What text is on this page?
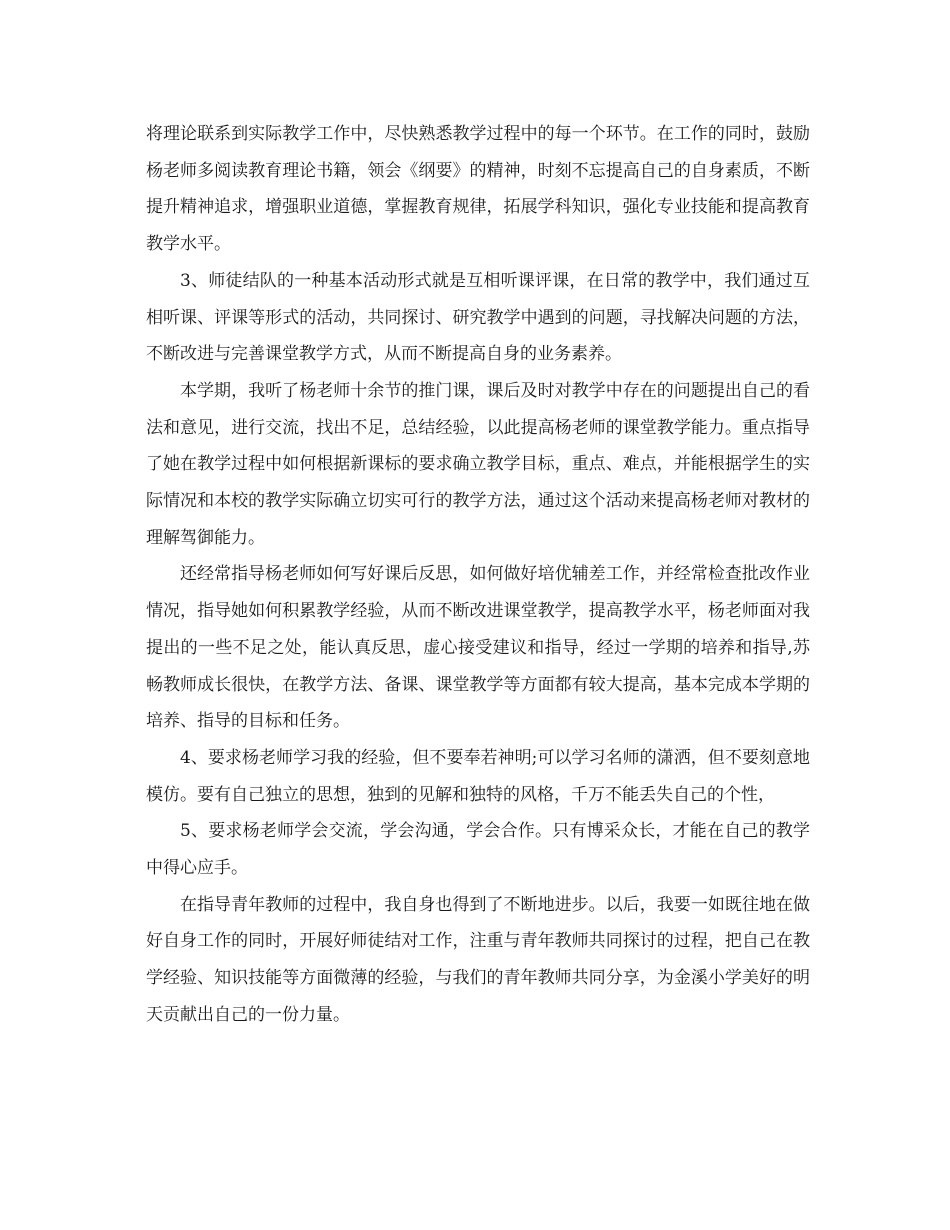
将理论联系到实际教学工作中，尽快熟悉教学过程中的每一个环节。在工作的同时，鼓励杨老师多阅读教育理论书籍，领会《纲要》的精神，时刻不忘提高自己的自身素质，不断提升精神追求，增强职业道德，掌握教育规律，拓展学科知识，强化专业技能和提高教育教学水平。

3、师徒结队的一种基本活动形式就是互相听课评课，在日常的教学中，我们通过互相听课、评课等形式的活动，共同探讨、研究教学中遇到的问题，寻找解决问题的方法，不断改进与完善课堂教学方式，从而不断提高自身的业务素养。

本学期，我听了杨老师十余节的推门课，课后及时对教学中存在的问题提出自己的看法和意见，进行交流，找出不足，总结经验，以此提高杨老师的课堂教学能力。重点指导了她在教学过程中如何根据新课标的要求确立教学目标，重点、难点，并能根据学生的实际情况和本校的教学实际确立切实可行的教学方法，通过这个活动来提高杨老师对教材的理解驾御能力。

还经常指导杨老师如何写好课后反思，如何做好培优辅差工作，并经常检查批改作业情况，指导她如何积累教学经验，从而不断改进课堂教学，提高教学水平，杨老师面对我提出的一些不足之处，能认真反思，虚心接受建议和指导，经过一学期的培养和指导,苏畅教师成长很快，在教学方法、备课、课堂教学等方面都有较大提高，基本完成本学期的培养、指导的目标和任务。

4、要求杨老师学习我的经验，但不要奉若神明;可以学习名师的潇洒，但不要刻意地模仿。要有自己独立的思想，独到的见解和独特的风格，千万不能丢失自己的个性，

5、要求杨老师学会交流，学会沟通，学会合作。只有博采众长，才能在自己的教学中得心应手。

在指导青年教师的过程中，我自身也得到了不断地进步。以后，我要一如既往地在做好自身工作的同时，开展好师徒结对工作，注重与青年教师共同探讨的过程，把自己在教学经验、知识技能等方面微薄的经验，与我们的青年教师共同分享，为金溪小学美好的明天贡献出自己的一份力量。
